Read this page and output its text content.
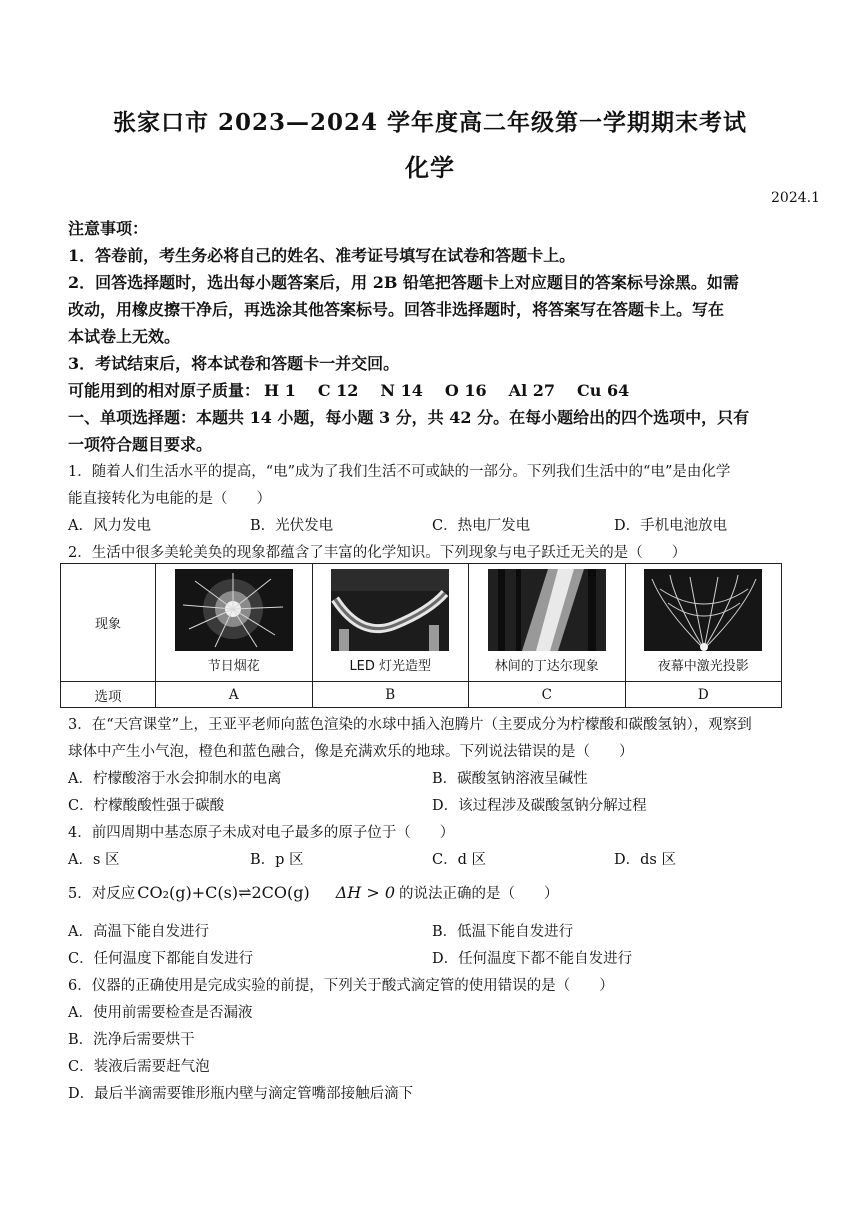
张家口市 2023—2024 学年度高二年级第一学期期末考试
化学
2024.1
注意事项：
1．答卷前，考生务必将自己的姓名、准考证号填写在试卷和答题卡上。
2．回答选择题时，选出每小题答案后，用 2B 铅笔把答题卡上对应题目的答案标号涂黑。如需
改动，用橡皮擦干净后，再选涂其他答案标号。回答非选择题时，将答案写在答题卡上。写在
本试卷上无效。
3．考试结束后，将本试卷和答题卡一并交回。
可能用到的相对原子质量： H 1 C 12 N 14 O 16 Al 27 Cu 64
一、单项选择题：本题共 14 小题，每小题 3 分，共 42 分。在每小题给出的四个选项中，只有
一项符合题目要求。
1．随着人们生活水平的提高，“电”成为了我们生活不可或缺的一部分。下列我们生活中的“电”是由化学
能直接转化为电能的是（　　）
A．风力发电	B．光伏发电	C．热电厂发电	D．手机电池放电
2．生活中很多美轮美奂的现象都蕴含了丰富的化学知识。下列现象与电子跃迁无关的是（　　）
现象	节日烟花	LED 灯光造型	林间的丁达尔现象	夜幕中激光投影

选项	A	B	C	D
3．在“天宫课堂”上，王亚平老师向蓝色渲染的水球中插入泡腾片（主要成分为柠檬酸和碳酸氢钠），观察到
球体中产生小气泡，橙色和蓝色融合，像是充满欢乐的地球。下列说法错误的是（　　）
A．柠檬酸溶于水会抑制水的电离	B．碳酸氢钠溶液呈碱性
C．柠檬酸酸性强于碳酸	D．该过程涉及碳酸氢钠分解过程
4．前四周期中基态原子未成对电子最多的原子位于（　　）
A．s 区	B．p 区	C．d 区	D．ds 区
5．对反应 CO₂(g)+C(s)⇌2CO(g) ΔH > 0 的说法正确的是（　　）
A．高温下能自发进行	B．低温下能自发进行
C．任何温度下都能自发进行	D．任何温度下都不能自发进行
6．仪器的正确使用是完成实验的前提，下列关于酸式滴定管的使用错误的是（　　）
A．使用前需要检查是否漏液
B．洗净后需要烘干
C．装液后需要赶气泡
D．最后半滴需要锥形瓶内壁与滴定管嘴部接触后滴下
